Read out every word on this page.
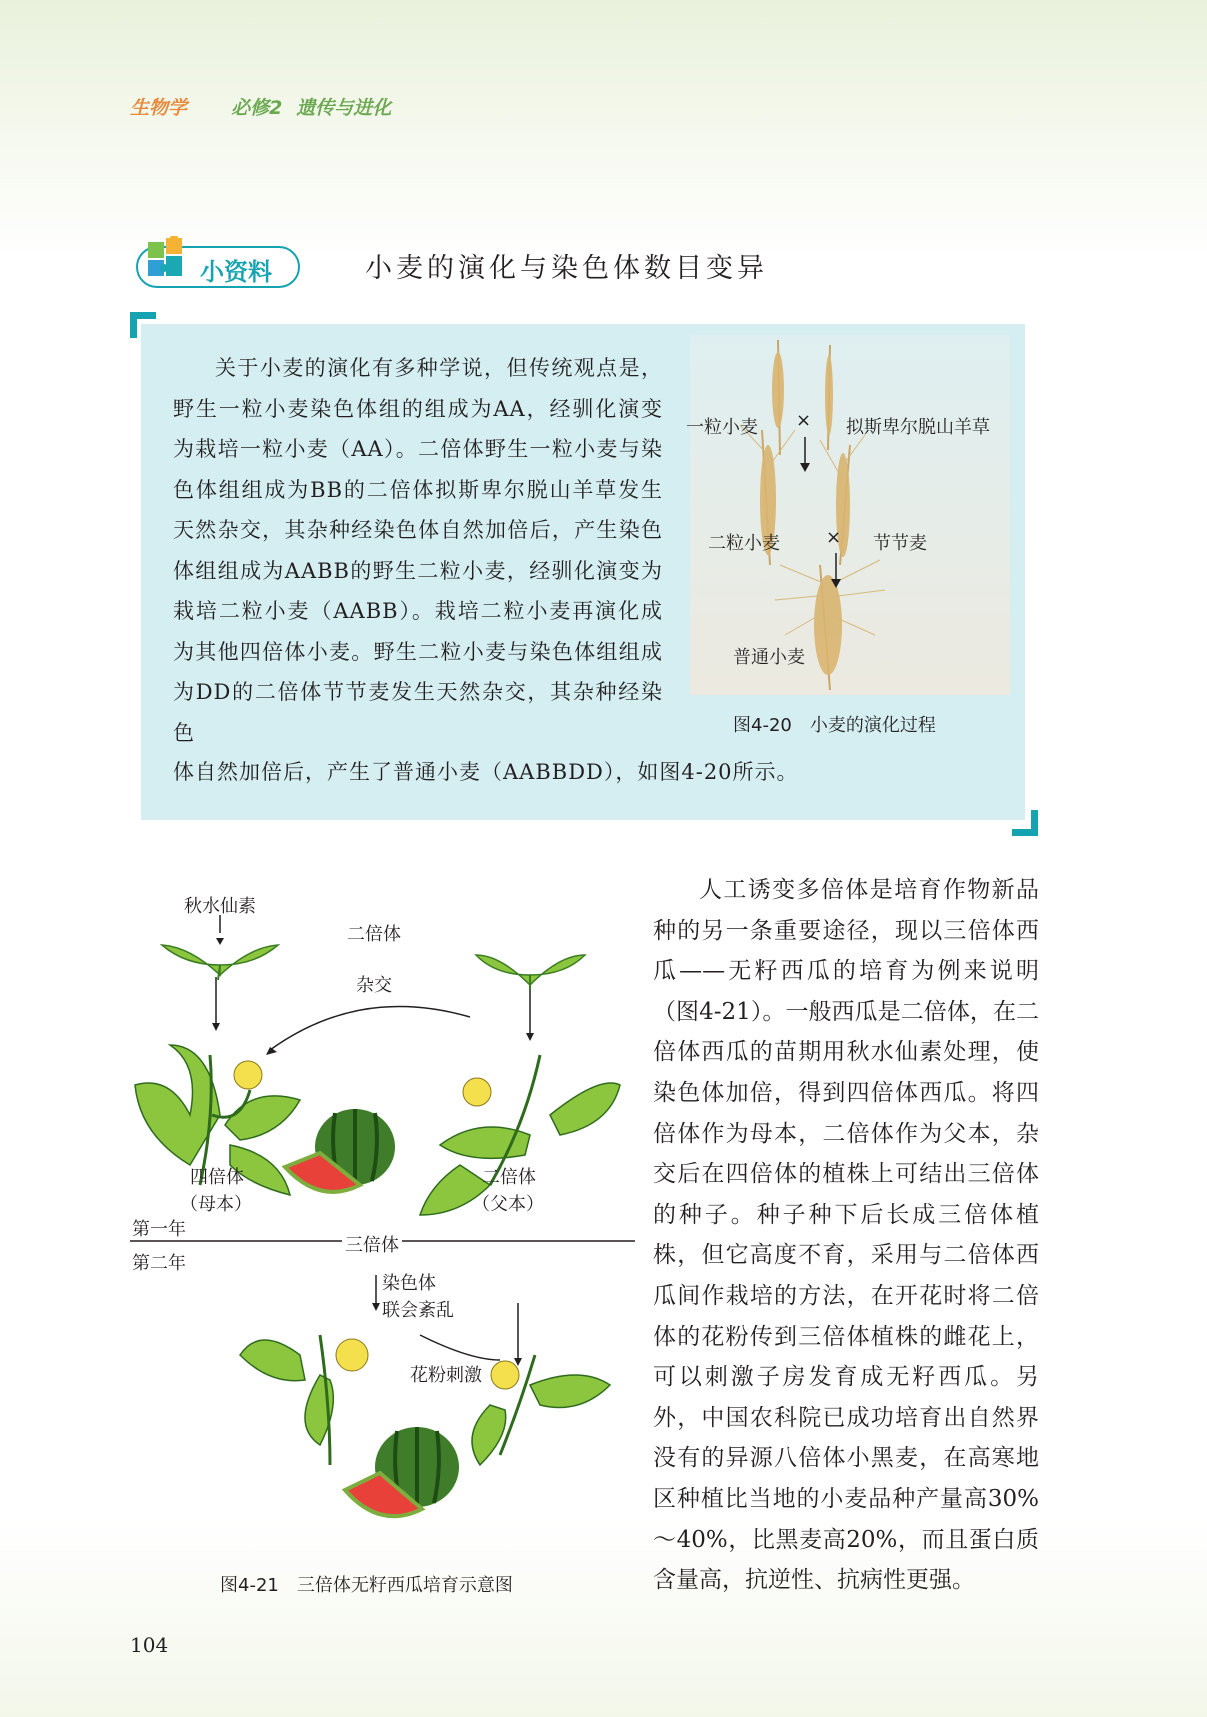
生物学 必修2 遗传与进化
小资料	小麦的演化与染色体数目变异
关于小麦的演化有多种学说，但传统观点是，野生一粒小麦染色体组的组成为AA，经驯化演变为栽培一粒小麦（AA）。二倍体野生一粒小麦与染色体组组成为BB的二倍体拟斯卑尔脱山羊草发生天然杂交，其杂种经染色体自然加倍后，产生染色体组组成为AABB的野生二粒小麦，经驯化演变为栽培二粒小麦（AABB）。栽培二粒小麦再演化成为其他四倍体小麦。野生二粒小麦与染色体组组成为DD的二倍体节节麦发生天然杂交，其杂种经染色
体自然加倍后，产生了普通小麦（AABBDD），如图4-20所示。
一粒小麦 × 拟斯卑尔脱山羊草
二粒小麦	× 节节麦
普通小麦
图4-20　小麦的演化过程
秋水仙素
二倍体
杂交
四倍体
（母本）
二倍体
（父本）
第一年
三倍体
第二年
染色体
联会紊乱
花粉刺激
图4-21　三倍体无籽西瓜培育示意图

人工诱变多倍体是培育作物新品种的另一条重要途径，现以三倍体西瓜——无籽西瓜的培育为例来说明（图4-21）。一般西瓜是二倍体，在二倍体西瓜的苗期用秋水仙素处理，使染色体加倍，得到四倍体西瓜。将四倍体作为母本，二倍体作为父本，杂交后在四倍体的植株上可结出三倍体的种子。种子种下后长成三倍体植株，但它高度不育，采用与二倍体西瓜间作栽培的方法，在开花时将二倍体的花粉传到三倍体植株的雌花上，可以刺激子房发育成无籽西瓜。另外，中国农科院已成功培育出自然界没有的异源八倍体小黑麦，在高寒地区种植比当地的小麦品种产量高30%～40%，比黑麦高20%，而且蛋白质含量高，抗逆性、抗病性更强。

104
